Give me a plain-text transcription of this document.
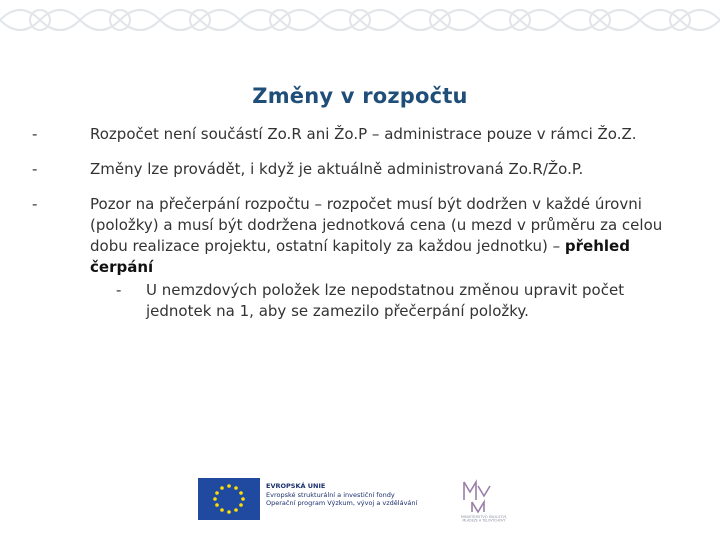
Změny v rozpočtu
-	Rozpočet není součástí Zo.R ani Žo.P – administrace pouze v rámci Žo.Z.
-	Změny lze provádět, i když je aktuálně administrovaná Zo.R/Žo.P.
-	Pozor na přečerpání rozpočtu – rozpočet musí být dodržen v každé úrovni (položky) a musí být dodržena jednotková cena (u mezd v průměru za celou dobu realizace projektu, ostatní kapitoly za každou jednotku) – přehled čerpání
-	U nemzdových položek lze nepodstatnou změnou upravit počet jednotek na 1, aby se zamezilo přečerpání položky.
EVROPSKÁ UNIE
Evropské strukturální a investiční fondy
Operační program Výzkum, vývoj a vzdělávání
MINISTERSTVO ŠKOLSTVÍ,
MLÁDEŽE A TĚLOVÝCHOVY
